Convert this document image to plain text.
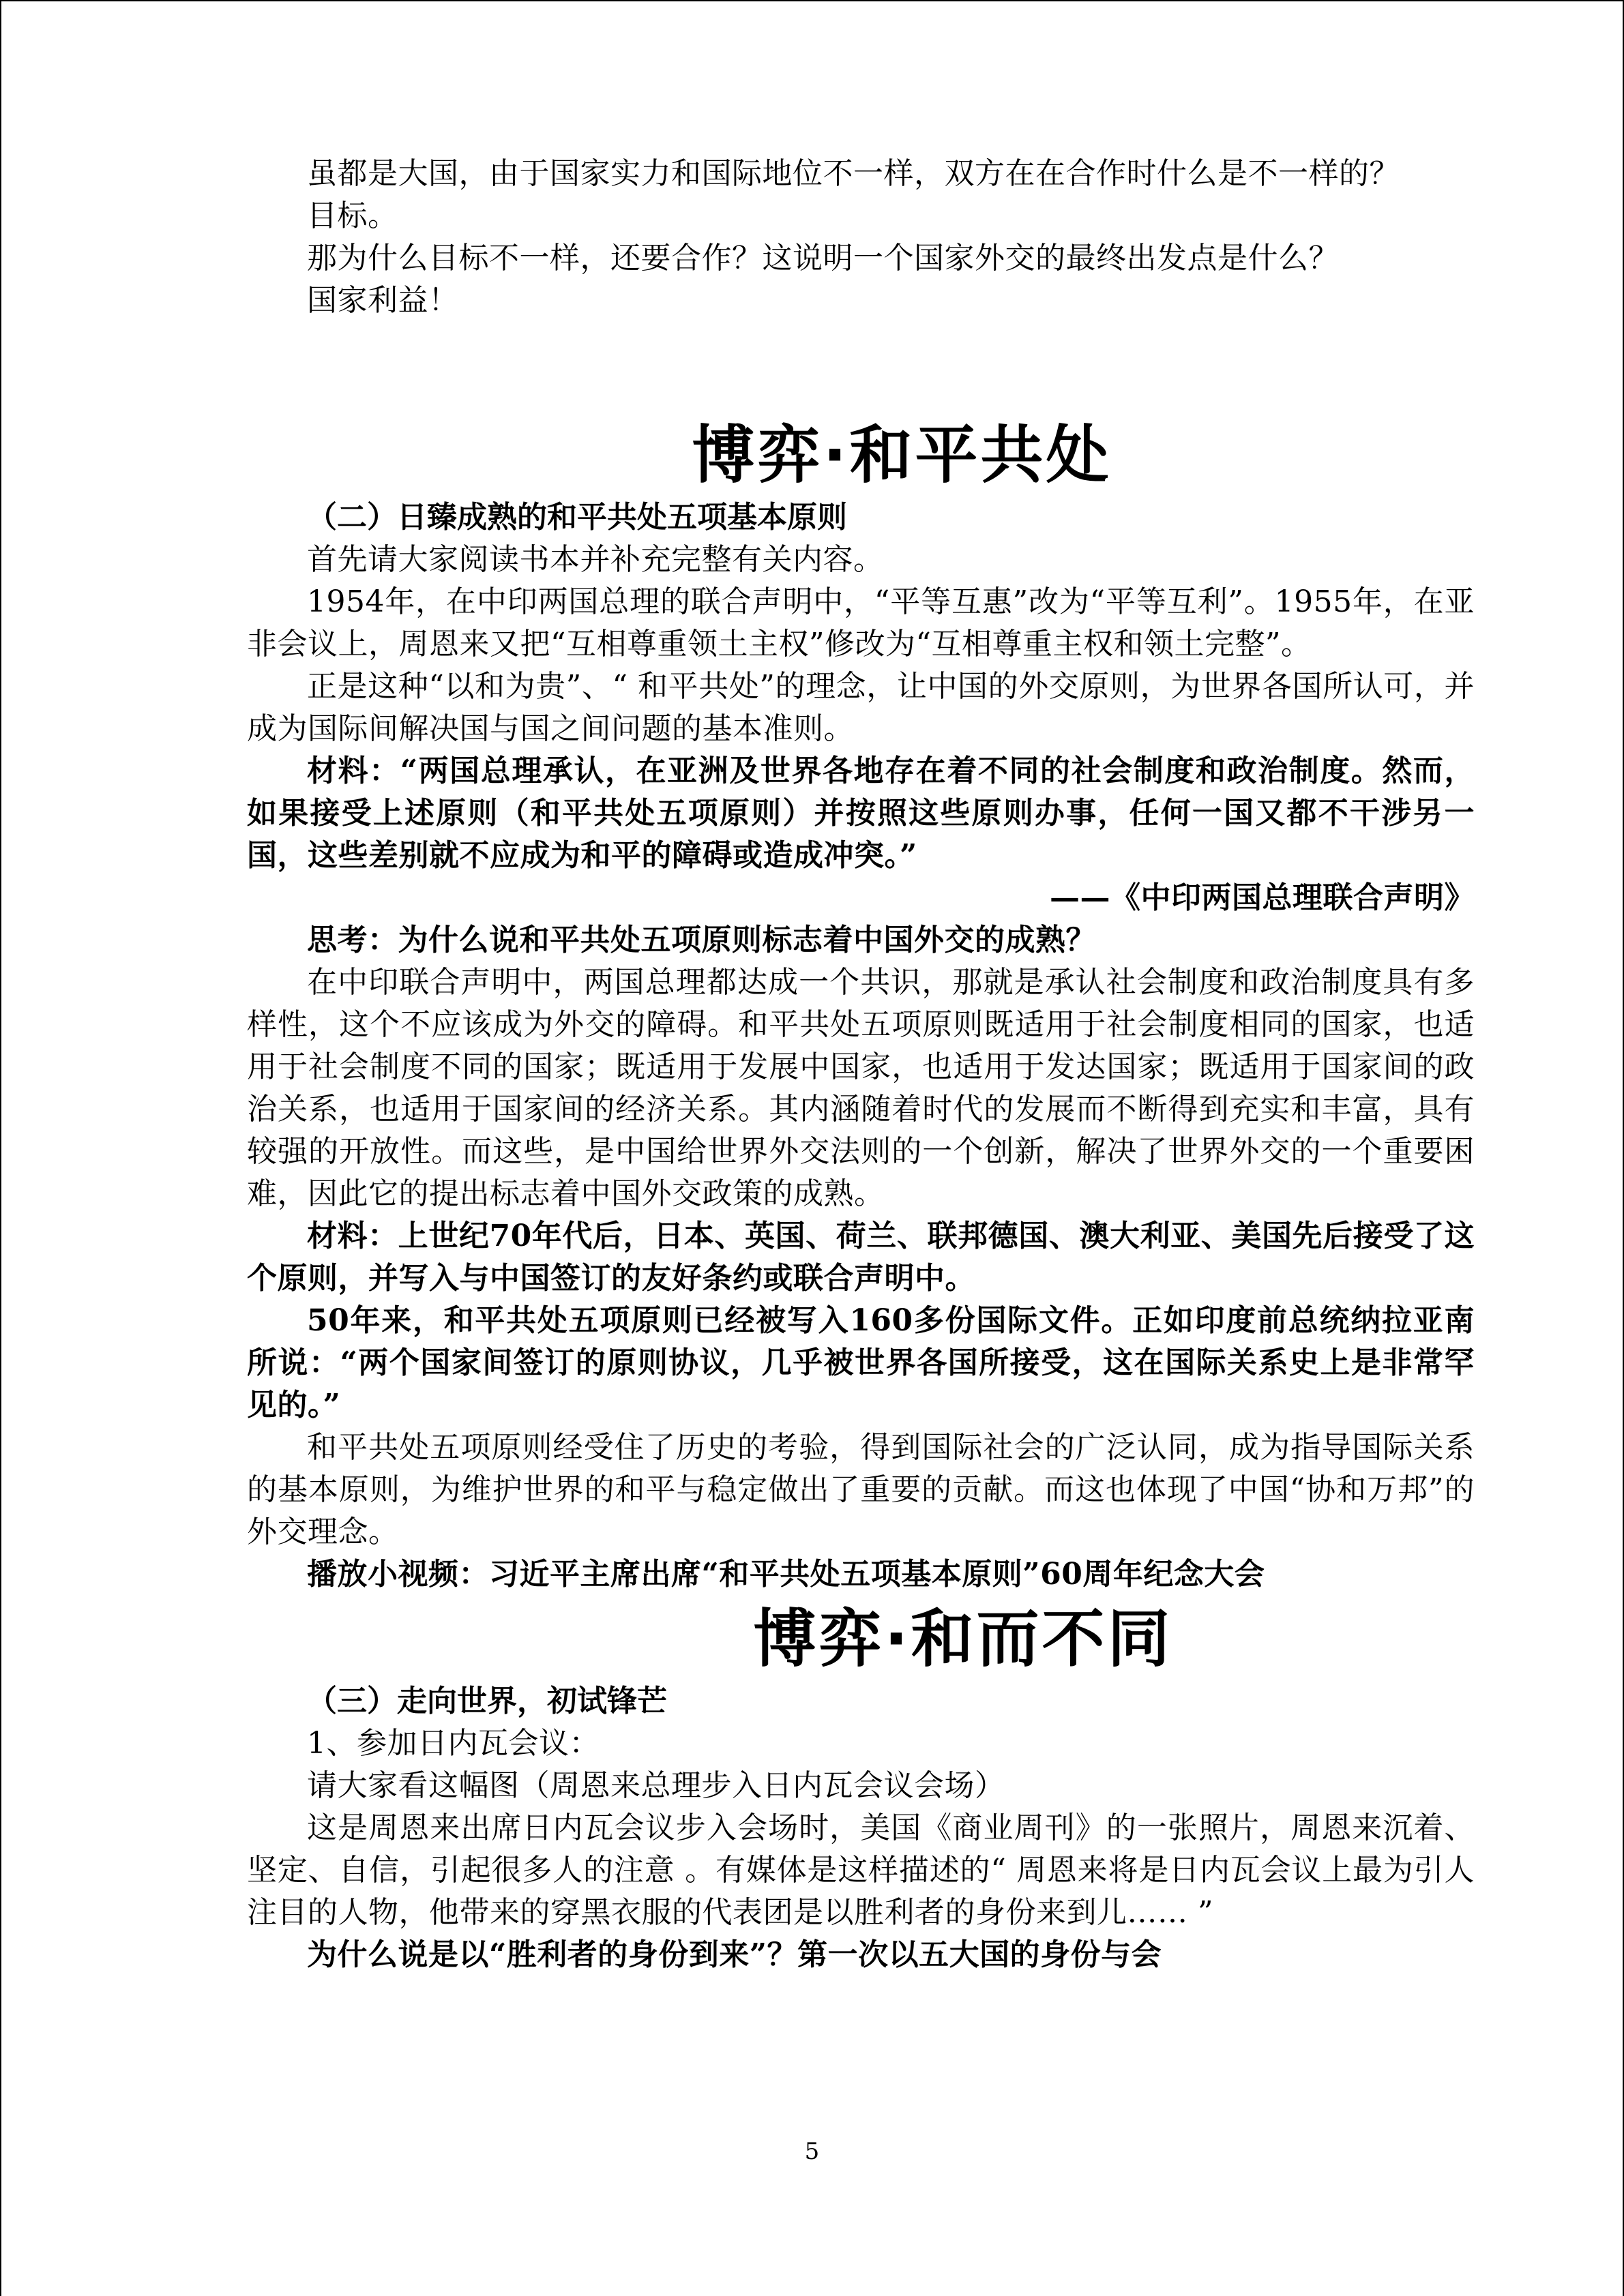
虽都是大国，由于国家实力和国际地位不一样，双方在在合作时什么是不一样的？

目标。

那为什么目标不一样，还要合作？这说明一个国家外交的最终出发点是什么？

国家利益！

博弈·和平共处
（二）日臻成熟的和平共处五项基本原则

首先请大家阅读书本并补充完整有关内容。

1954年，在中印两国总理的联合声明中，“平等互惠”改为“平等互利”。1955年，在亚非会议上，周恩来又把“互相尊重领土主权”修改为“互相尊重主权和领土完整”。

正是这种“以和为贵”、“ 和平共处”的理念，让中国的外交原则，为世界各国所认可，并成为国际间解决国与国之间问题的基本准则。

材料：“两国总理承认，在亚洲及世界各地存在着不同的社会制度和政治制度。然而，如果接受上述原则（和平共处五项原则）并按照这些原则办事，任何一国又都不干涉另一国，这些差别就不应成为和平的障碍或造成冲突。”

——《中印两国总理联合声明》

思考：为什么说和平共处五项原则标志着中国外交的成熟？

在中印联合声明中，两国总理都达成一个共识，那就是承认社会制度和政治制度具有多样性，这个不应该成为外交的障碍。和平共处五项原则既适用于社会制度相同的国家，也适用于社会制度不同的国家；既适用于发展中国家，也适用于发达国家；既适用于国家间的政治关系，也适用于国家间的经济关系。其内涵随着时代的发展而不断得到充实和丰富，具有较强的开放性。而这些，是中国给世界外交法则的一个创新，解决了世界外交的一个重要困难，因此它的提出标志着中国外交政策的成熟。

材料：上世纪70年代后，日本、英国、荷兰、联邦德国、澳大利亚、美国先后接受了这个原则，并写入与中国签订的友好条约或联合声明中。

50年来，和平共处五项原则已经被写入160多份国际文件。正如印度前总统纳拉亚南所说：“两个国家间签订的原则协议，几乎被世界各国所接受，这在国际关系史上是非常罕见的。”

和平共处五项原则经受住了历史的考验，得到国际社会的广泛认同，成为指导国际关系的基本原则，为维护世界的和平与稳定做出了重要的贡献。而这也体现了中国“协和万邦”的外交理念。

播放小视频：习近平主席出席“和平共处五项基本原则”60周年纪念大会

博弈·和而不同
（三）走向世界，初试锋芒

1、参加日内瓦会议：

请大家看这幅图（周恩来总理步入日内瓦会议会场）

这是周恩来出席日内瓦会议步入会场时，美国《商业周刊》的一张照片，周恩来沉着、坚定、自信，引起很多人的注意 。有媒体是这样描述的“ 周恩来将是日内瓦会议上最为引人注目的人物，他带来的穿黑衣服的代表团是以胜利者的身份来到儿…… ”

为什么说是以“胜利者的身份到来”？第一次以五大国的身份与会

5
